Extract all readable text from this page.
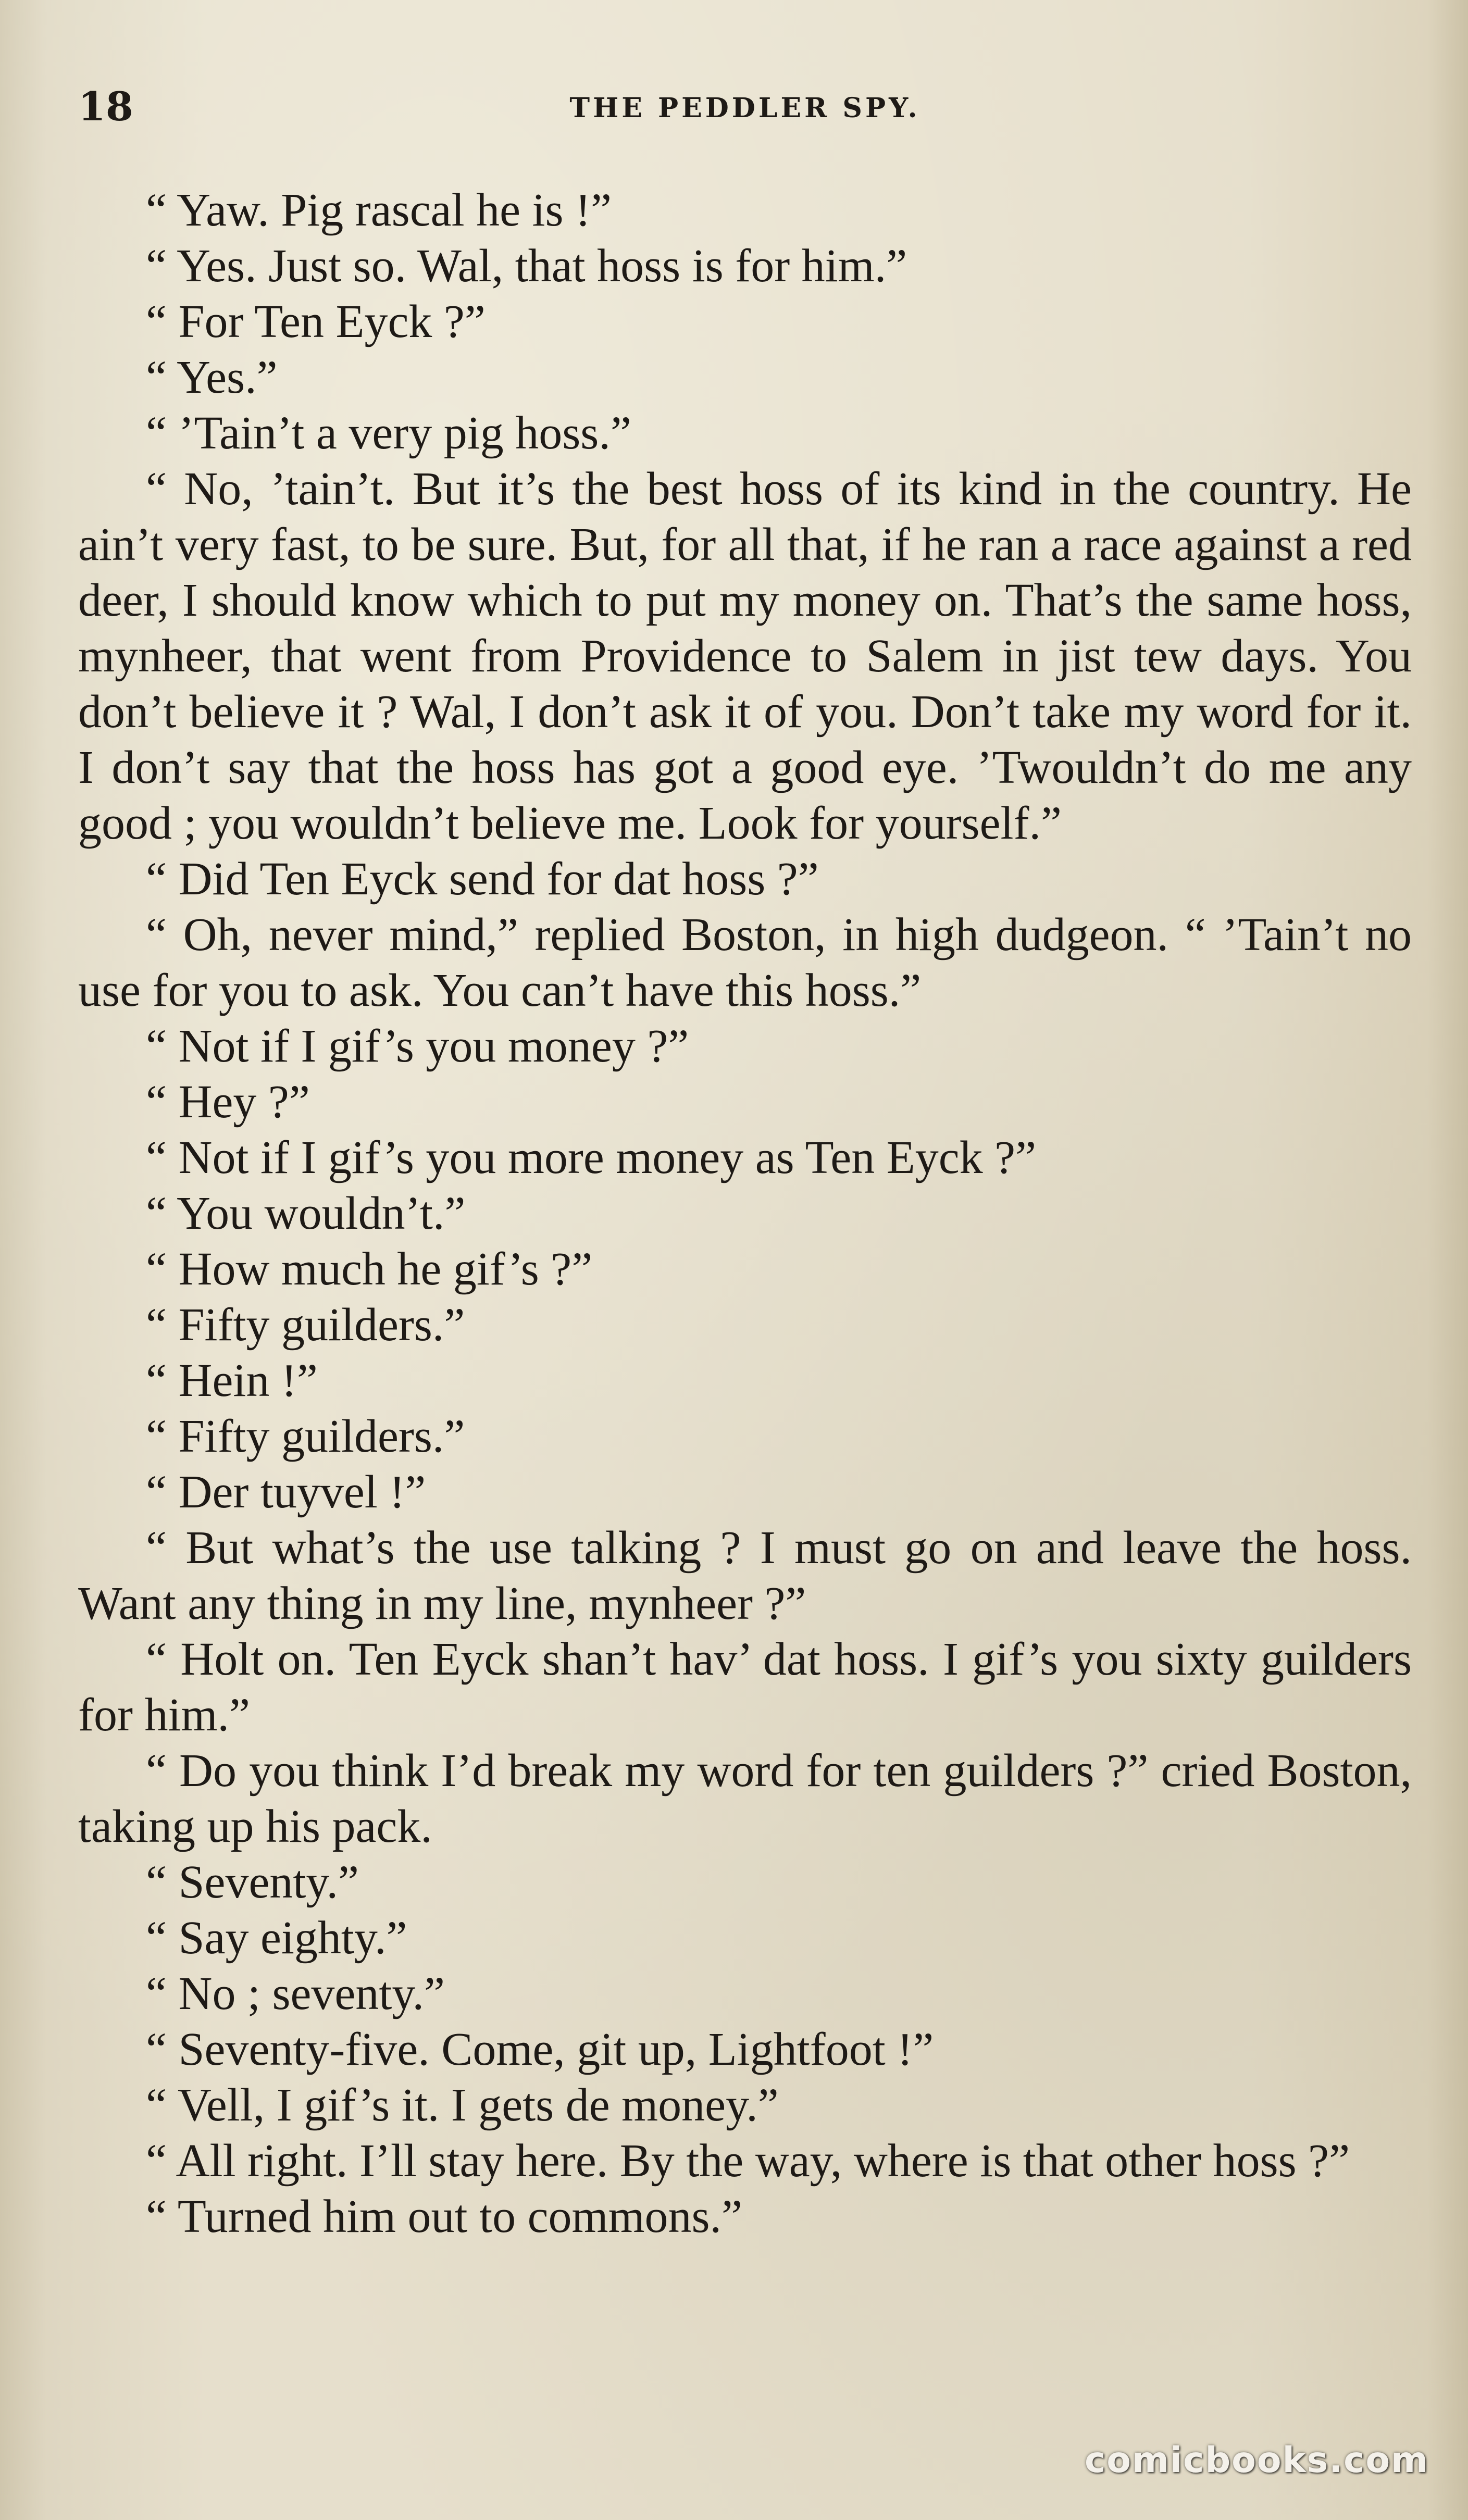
18	THE PEDDLER SPY.

“ Yaw. Pig rascal he is !”

“ Yes. Just so. Wal, that hoss is for him.”

“ For Ten Eyck ?”

“ Yes.”

“ ’Tain’t a very pig hoss.”

“ No, ’tain’t. But it’s the best hoss of its kind in the country. He ain’t very fast, to be sure. But, for all that, if he ran a race against a red deer, I should know which to put my money on. That’s the same hoss, mynheer, that went from Providence to Salem in jist tew days. You don’t believe it ? Wal, I don’t ask it of you. Don’t take my word for it. I don’t say that the hoss has got a good eye. ’Twouldn’t do me any good ; you wouldn’t believe me. Look for yourself.”

“ Did Ten Eyck send for dat hoss ?”

“ Oh, never mind,” replied Boston, in high dudgeon. “ ’Tain’t no use for you to ask. You can’t have this hoss.”

“ Not if I gif’s you money ?”

“ Hey ?”

“ Not if I gif’s you more money as Ten Eyck ?”

“ You wouldn’t.”

“ How much he gif’s ?”

“ Fifty guilders.”

“ Hein !”

“ Fifty guilders.”

“ Der tuyvel !”

“ But what’s the use talking ? I must go on and leave the hoss. Want any thing in my line, mynheer ?”

“ Holt on. Ten Eyck shan’t hav’ dat hoss. I gif’s you sixty guilders for him.”

“ Do you think I’d break my word for ten guilders ?” cried Boston, taking up his pack.

“ Seventy.”

“ Say eighty.”

“ No ; seventy.”

“ Seventy-five. Come, git up, Lightfoot !”

“ Vell, I gif’s it. I gets de money.”

“ All right. I’ll stay here. By the way, where is that other hoss ?”

“ Turned him out to commons.”

comicbooks.com
